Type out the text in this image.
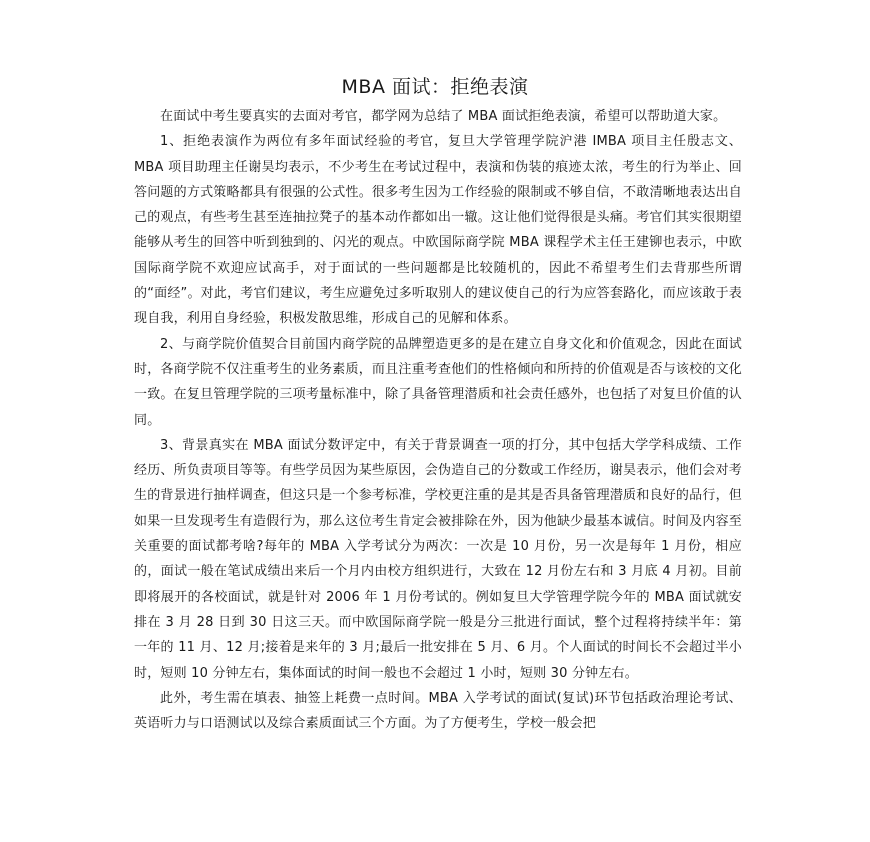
MBA 面试：拒绝表演

在面试中考生要真实的去面对考官，都学网为总结了 MBA 面试拒绝表演，希望可以帮助道大家。

1、拒绝表演作为两位有多年面试经验的考官，复旦大学管理学院沪港 IMBA 项目主任殷志文、MBA 项目助理主任谢昊均表示，不少考生在考试过程中，表演和伪装的痕迹太浓，考生的行为举止、回答问题的方式策略都具有很强的公式性。很多考生因为工作经验的限制或不够自信，不敢清晰地表达出自己的观点，有些考生甚至连抽拉凳子的基本动作都如出一辙。这让他们觉得很是头痛。考官们其实很期望能够从考生的回答中听到独到的、闪光的观点。中欧国际商学院 MBA 课程学术主任王建铆也表示，中欧国际商学院不欢迎应试高手，对于面试的一些问题都是比较随机的，因此不希望考生们去背那些所谓的“面经”。对此，考官们建议，考生应避免过多听取别人的建议使自己的行为应答套路化，而应该敢于表现自我，利用自身经验，积极发散思维，形成自己的见解和体系。

2、与商学院价值契合目前国内商学院的品牌塑造更多的是在建立自身文化和价值观念，因此在面试时，各商学院不仅注重考生的业务素质，而且注重考查他们的性格倾向和所持的价值观是否与该校的文化一致。在复旦管理学院的三项考量标准中，除了具备管理潜质和社会责任感外，也包括了对复旦价值的认同。

3、背景真实在 MBA 面试分数评定中，有关于背景调查一项的打分，其中包括大学学科成绩、工作经历、所负责项目等等。有些学员因为某些原因，会伪造自己的分数或工作经历，谢昊表示，他们会对考生的背景进行抽样调查，但这只是一个参考标准，学校更注重的是其是否具备管理潜质和良好的品行，但如果一旦发现考生有造假行为，那么这位考生肯定会被排除在外，因为他缺少最基本诚信。时间及内容至关重要的面试都考啥?每年的 MBA 入学考试分为两次：一次是 10 月份，另一次是每年 1 月份，相应的，面试一般在笔试成绩出来后一个月内由校方组织进行，大致在 12 月份左右和 3 月底 4 月初。目前即将展开的各校面试，就是针对 2006 年 1 月份考试的。例如复旦大学管理学院今年的 MBA 面试就安排在 3 月 28 日到 30 日这三天。而中欧国际商学院一般是分三批进行面试，整个过程将持续半年：第一年的 11 月、12 月;接着是来年的 3 月;最后一批安排在 5 月、6 月。个人面试的时间长不会超过半小时，短则 10 分钟左右，集体面试的时间一般也不会超过 1 小时，短则 30 分钟左右。

此外，考生需在填表、抽签上耗费一点时间。MBA 入学考试的面试(复试)环节包括政治理论考试、英语听力与口语测试以及综合素质面试三个方面。为了方便考生，学校一般会把
